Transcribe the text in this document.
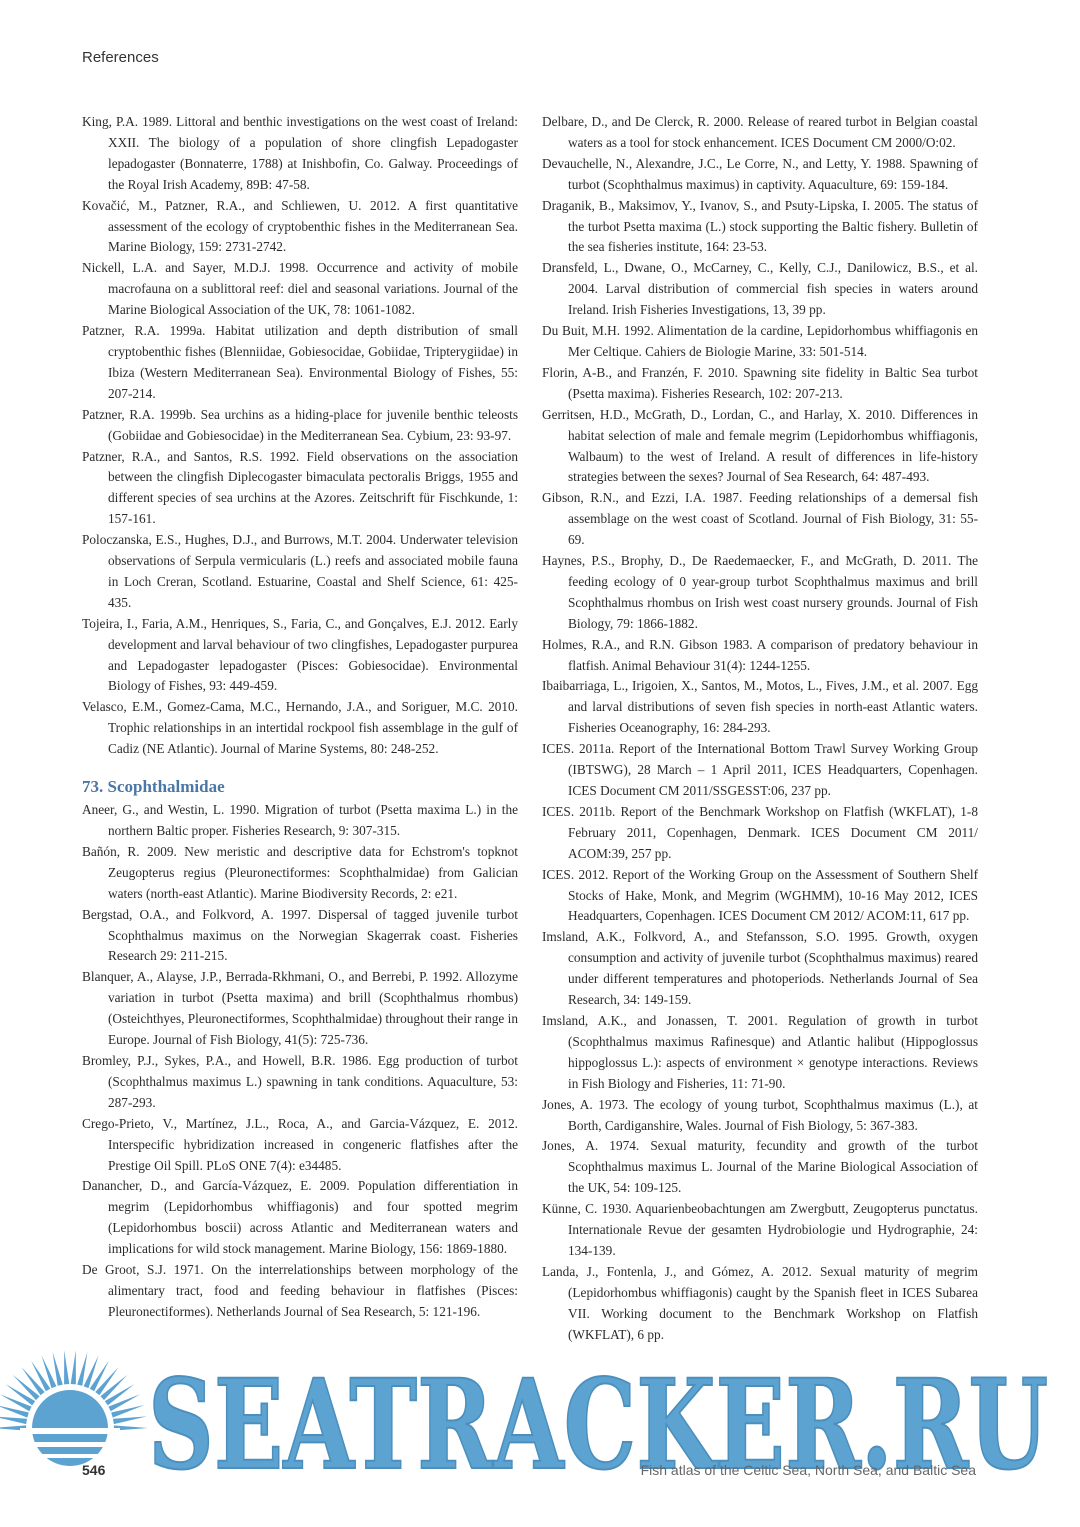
References

King, P.A. 1989. Littoral and benthic investigations on the west coast of Ireland: XXII. The biology of a population of shore clingfish Lepadogaster lepadogaster (Bonnaterre, 1788) at Inishbofin, Co. Galway. Proceedings of the Royal Irish Academy, 89B: 47-58.

Kovačić, M., Patzner, R.A., and Schliewen, U. 2012. A first quantitative assessment of the ecology of cryptobenthic fishes in the Mediterranean Sea. Marine Biology, 159: 2731-2742.

Nickell, L.A. and Sayer, M.D.J. 1998. Occurrence and activity of mobile macrofauna on a sublittoral reef: diel and seasonal variations. Journal of the Marine Biological Association of the UK, 78: 1061-1082.

Patzner, R.A. 1999a. Habitat utilization and depth distribution of small cryptobenthic fishes (Blenniidae, Gobiesocidae, Gobiidae, Tripterygiidae) in Ibiza (Western Mediterranean Sea). Environmental Biology of Fishes, 55: 207-214.

Patzner, R.A. 1999b. Sea urchins as a hiding-place for juvenile benthic teleosts (Gobiidae and Gobiesocidae) in the Mediterranean Sea. Cybium, 23: 93-97.

Patzner, R.A., and Santos, R.S. 1992. Field observations on the association between the clingfish Diplecogaster bimaculata pectoralis Briggs, 1955 and different species of sea urchins at the Azores. Zeitschrift für Fischkunde, 1: 157-161.

Poloczanska, E.S., Hughes, D.J., and Burrows, M.T. 2004. Underwater television observations of Serpula vermicularis (L.) reefs and associated mobile fauna in Loch Creran, Scotland. Estuarine, Coastal and Shelf Science, 61: 425-435.

Tojeira, I., Faria, A.M., Henriques, S., Faria, C., and Gonçalves, E.J. 2012. Early development and larval behaviour of two clingfishes, Lepadogaster purpurea and Lepadogaster lepadogaster (Pisces: Gobiesocidae). Environmental Biology of Fishes, 93: 449-459.

Velasco, E.M., Gomez-Cama, M.C., Hernando, J.A., and Soriguer, M.C. 2010. Trophic relationships in an intertidal rockpool fish assemblage in the gulf of Cadiz (NE Atlantic). Journal of Marine Systems, 80: 248-252.

73. Scophthalmidae

Aneer, G., and Westin, L. 1990. Migration of turbot (Psetta maxima L.) in the northern Baltic proper. Fisheries Research, 9: 307-315.

Bañón, R. 2009. New meristic and descriptive data for Echstrom's topknot Zeugopterus regius (Pleuronectiformes: Scophthalmidae) from Galician waters (north-east Atlantic). Marine Biodiversity Records, 2: e21.

Bergstad, O.A., and Folkvord, A. 1997. Dispersal of tagged juvenile turbot Scophthalmus maximus on the Norwegian Skagerrak coast. Fisheries Research 29: 211-215.

Blanquer, A., Alayse, J.P., Berrada-Rkhmani, O., and Berrebi, P. 1992. Allozyme variation in turbot (Psetta maxima) and brill (Scophthalmus rhombus) (Osteichthyes, Pleuronectiformes, Scophthalmidae) throughout their range in Europe. Journal of Fish Biology, 41(5): 725-736.

Bromley, P.J., Sykes, P.A., and Howell, B.R. 1986. Egg production of turbot (Scophthalmus maximus L.) spawning in tank conditions. Aquaculture, 53: 287-293.

Crego-Prieto, V., Martínez, J.L., Roca, A., and Garcia-Vázquez, E. 2012. Interspecific hybridization increased in congeneric flatfishes after the Prestige Oil Spill. PLoS ONE 7(4): e34485.

Danancher, D., and García-Vázquez, E. 2009. Population differentiation in megrim (Lepidorhombus whiffiagonis) and four spotted megrim (Lepidorhombus boscii) across Atlantic and Mediterranean waters and implications for wild stock management. Marine Biology, 156: 1869-1880.

De Groot, S.J. 1971. On the interrelationships between morphology of the alimentary tract, food and feeding behaviour in flatfishes (Pisces: Pleuronectiformes). Netherlands Journal of Sea Research, 5: 121-196.

Delbare, D., and De Clerck, R. 2000. Release of reared turbot in Belgian coastal waters as a tool for stock enhancement. ICES Document CM 2000/O:02.

Devauchelle, N., Alexandre, J.C., Le Corre, N., and Letty, Y. 1988. Spawning of turbot (Scophthalmus maximus) in captivity. Aquaculture, 69: 159-184.

Draganik, B., Maksimov, Y., Ivanov, S., and Psuty-Lipska, I. 2005. The status of the turbot Psetta maxima (L.) stock supporting the Baltic fishery. Bulletin of the sea fisheries institute, 164: 23-53.

Dransfeld, L., Dwane, O., McCarney, C., Kelly, C.J., Danilowicz, B.S., et al. 2004. Larval distribution of commercial fish species in waters around Ireland. Irish Fisheries Investigations, 13, 39 pp.

Du Buit, M.H. 1992. Alimentation de la cardine, Lepidorhombus whiffiagonis en Mer Celtique. Cahiers de Biologie Marine, 33: 501-514.

Florin, A-B., and Franzén, F. 2010. Spawning site fidelity in Baltic Sea turbot (Psetta maxima). Fisheries Research, 102: 207-213.

Gerritsen, H.D., McGrath, D., Lordan, C., and Harlay, X. 2010. Differences in habitat selection of male and female megrim (Lepidorhombus whiffiagonis, Walbaum) to the west of Ireland. A result of differences in life-history strategies between the sexes? Journal of Sea Research, 64: 487-493.

Gibson, R.N., and Ezzi, I.A. 1987. Feeding relationships of a demersal fish assemblage on the west coast of Scotland. Journal of Fish Biology, 31: 55-69.

Haynes, P.S., Brophy, D., De Raedemaecker, F., and McGrath, D. 2011. The feeding ecology of 0 year-group turbot Scophthalmus maximus and brill Scophthalmus rhombus on Irish west coast nursery grounds. Journal of Fish Biology, 79: 1866-1882.

Holmes, R.A., and R.N. Gibson 1983. A comparison of predatory behaviour in flatfish. Animal Behaviour 31(4): 1244-1255.

Ibaibarriaga, L., Irigoien, X., Santos, M., Motos, L., Fives, J.M., et al. 2007. Egg and larval distributions of seven fish species in north-east Atlantic waters. Fisheries Oceanography, 16: 284-293.

ICES. 2011a. Report of the International Bottom Trawl Survey Working Group (IBTSWG), 28 March – 1 April 2011, ICES Headquarters, Copenhagen. ICES Document CM 2011/SSGESST:06, 237 pp.

ICES. 2011b. Report of the Benchmark Workshop on Flatfish (WKFLAT), 1-8 February 2011, Copenhagen, Denmark. ICES Document CM 2011/ ACOM:39, 257 pp.

ICES. 2012. Report of the Working Group on the Assessment of Southern Shelf Stocks of Hake, Monk, and Megrim (WGHMM), 10-16 May 2012, ICES Headquarters, Copenhagen. ICES Document CM 2012/ ACOM:11, 617 pp.

Imsland, A.K., Folkvord, A., and Stefansson, S.O. 1995. Growth, oxygen consumption and activity of juvenile turbot (Scophthalmus maximus) reared under different temperatures and photoperiods. Netherlands Journal of Sea Research, 34: 149-159.

Imsland, A.K., and Jonassen, T. 2001. Regulation of growth in turbot (Scophthalmus maximus Rafinesque) and Atlantic halibut (Hippoglossus hippoglossus L.): aspects of environment × genotype interactions. Reviews in Fish Biology and Fisheries, 11: 71-90.

Jones, A. 1973. The ecology of young turbot, Scophthalmus maximus (L.), at Borth, Cardiganshire, Wales. Journal of Fish Biology, 5: 367-383.

Jones, A. 1974. Sexual maturity, fecundity and growth of the turbot Scophthalmus maximus L. Journal of the Marine Biological Association of the UK, 54: 109-125.

Künne, C. 1930. Aquarienbeobachtungen am Zwergbutt, Zeugopterus punctatus. Internationale Revue der gesamten Hydrobiologie und Hydrographie, 24: 134-139.

Landa, J., Fontenla, J., and Gómez, A. 2012. Sexual maturity of megrim (Lepidorhombus whiffiagonis) caught by the Spanish fleet in ICES Subarea VII. Working document to the Benchmark Workshop on Flatfish (WKFLAT), 6 pp.

SEATRACKER.RU
546	Fish atlas of the Celtic Sea, North Sea, and Baltic Sea
